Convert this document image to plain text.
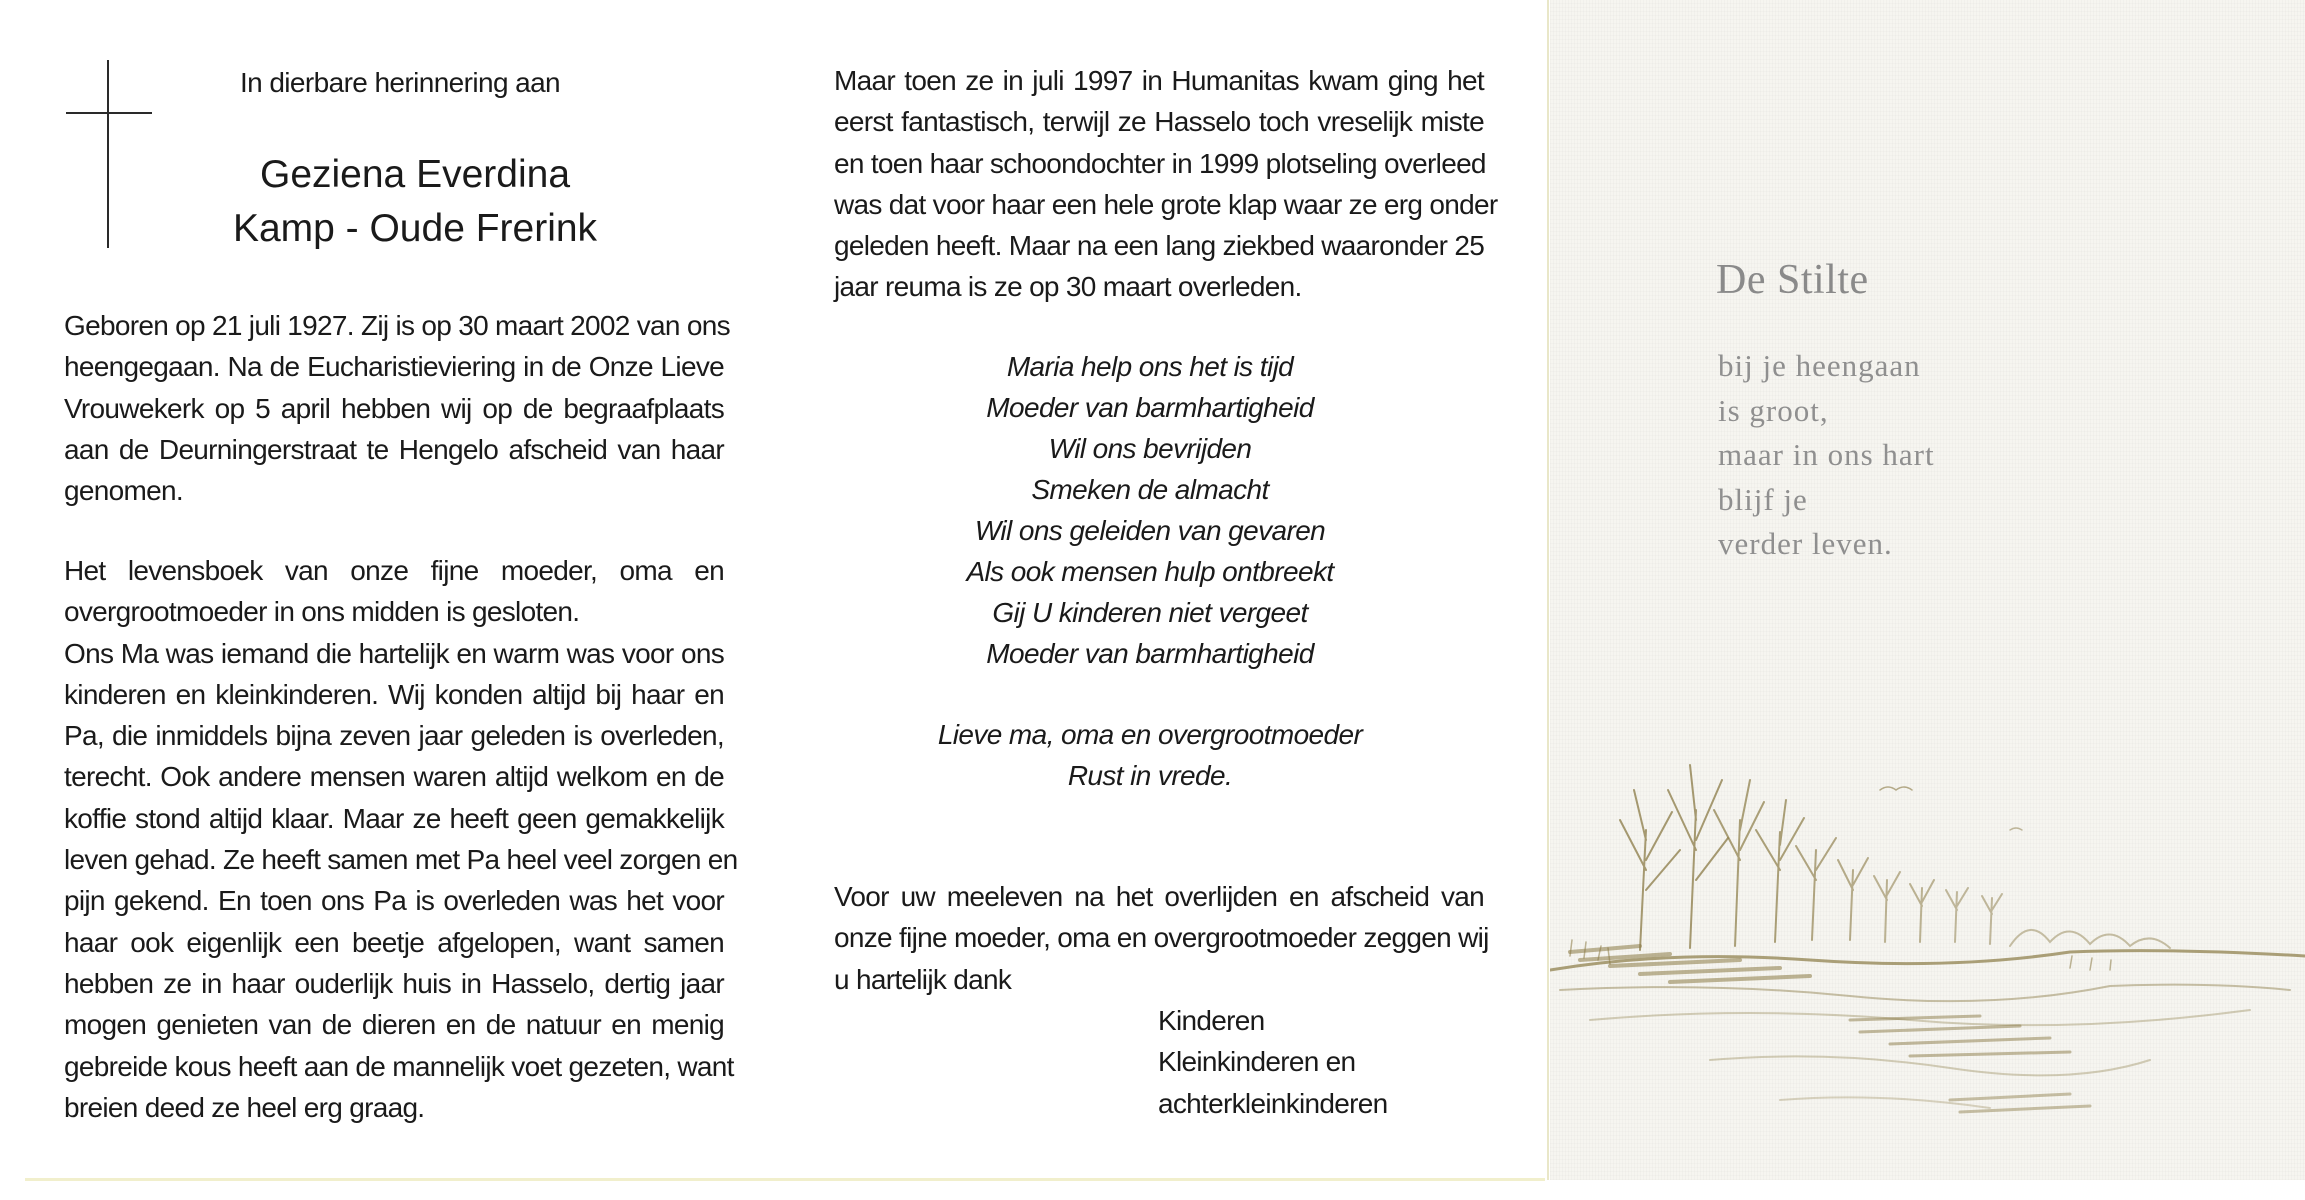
In dierbare herinnering aan
Geziena Everdina
Kamp - Oude Frerink
Geboren op 21 juli 1927. Zij is op 30 maart 2002 van ons
heengegaan. Na de Eucharistieviering in de Onze Lieve
Vrouwekerk op 5 april hebben wij op de begraafplaats
aan de Deurningerstraat te Hengelo afscheid van haar
genomen.
Het levensboek van onze fijne moeder, oma en
overgrootmoeder in ons midden is gesloten.
Ons Ma was iemand die hartelijk en warm was voor ons
kinderen en kleinkinderen. Wij konden altijd bij haar en
Pa, die inmiddels bijna zeven jaar geleden is overleden,
terecht. Ook andere mensen waren altijd welkom en de
koffie stond altijd klaar. Maar ze heeft geen gemakkelijk
leven gehad. Ze heeft samen met Pa heel veel zorgen en
pijn gekend. En toen ons Pa is overleden was het voor
haar ook eigenlijk een beetje afgelopen, want samen
hebben ze in haar ouderlijk huis in Hasselo, dertig jaar
mogen genieten van de dieren en de natuur en menig
gebreide kous heeft aan de mannelijk voet gezeten, want
breien deed ze heel erg graag.
Maar toen ze in juli 1997 in Humanitas kwam ging het
eerst fantastisch, terwijl ze Hasselo toch vreselijk miste
en toen haar schoondochter in 1999 plotseling overleed
was dat voor haar een hele grote klap waar ze erg onder
geleden heeft. Maar na een lang ziekbed waaronder 25
jaar reuma is ze op 30 maart overleden.
Voor uw meeleven na het overlijden en afscheid van
onze fijne moeder, oma en overgrootmoeder zeggen wij
u hartelijk dank
Kinderen
Kleinkinderen en
achterkleinkinderen
Maria help ons het is tijd
Moeder van barmhartigheid
Wil ons bevrijden
Smeken de almacht
Wil ons geleiden van gevaren
Als ook mensen hulp ontbreekt
Gij U kinderen niet vergeet
Moeder van barmhartigheid
Lieve ma, oma en overgrootmoeder
Rust in vrede.
De Stilte
bij je heengaan
is groot,
maar in ons hart
blijf je
verder leven.
